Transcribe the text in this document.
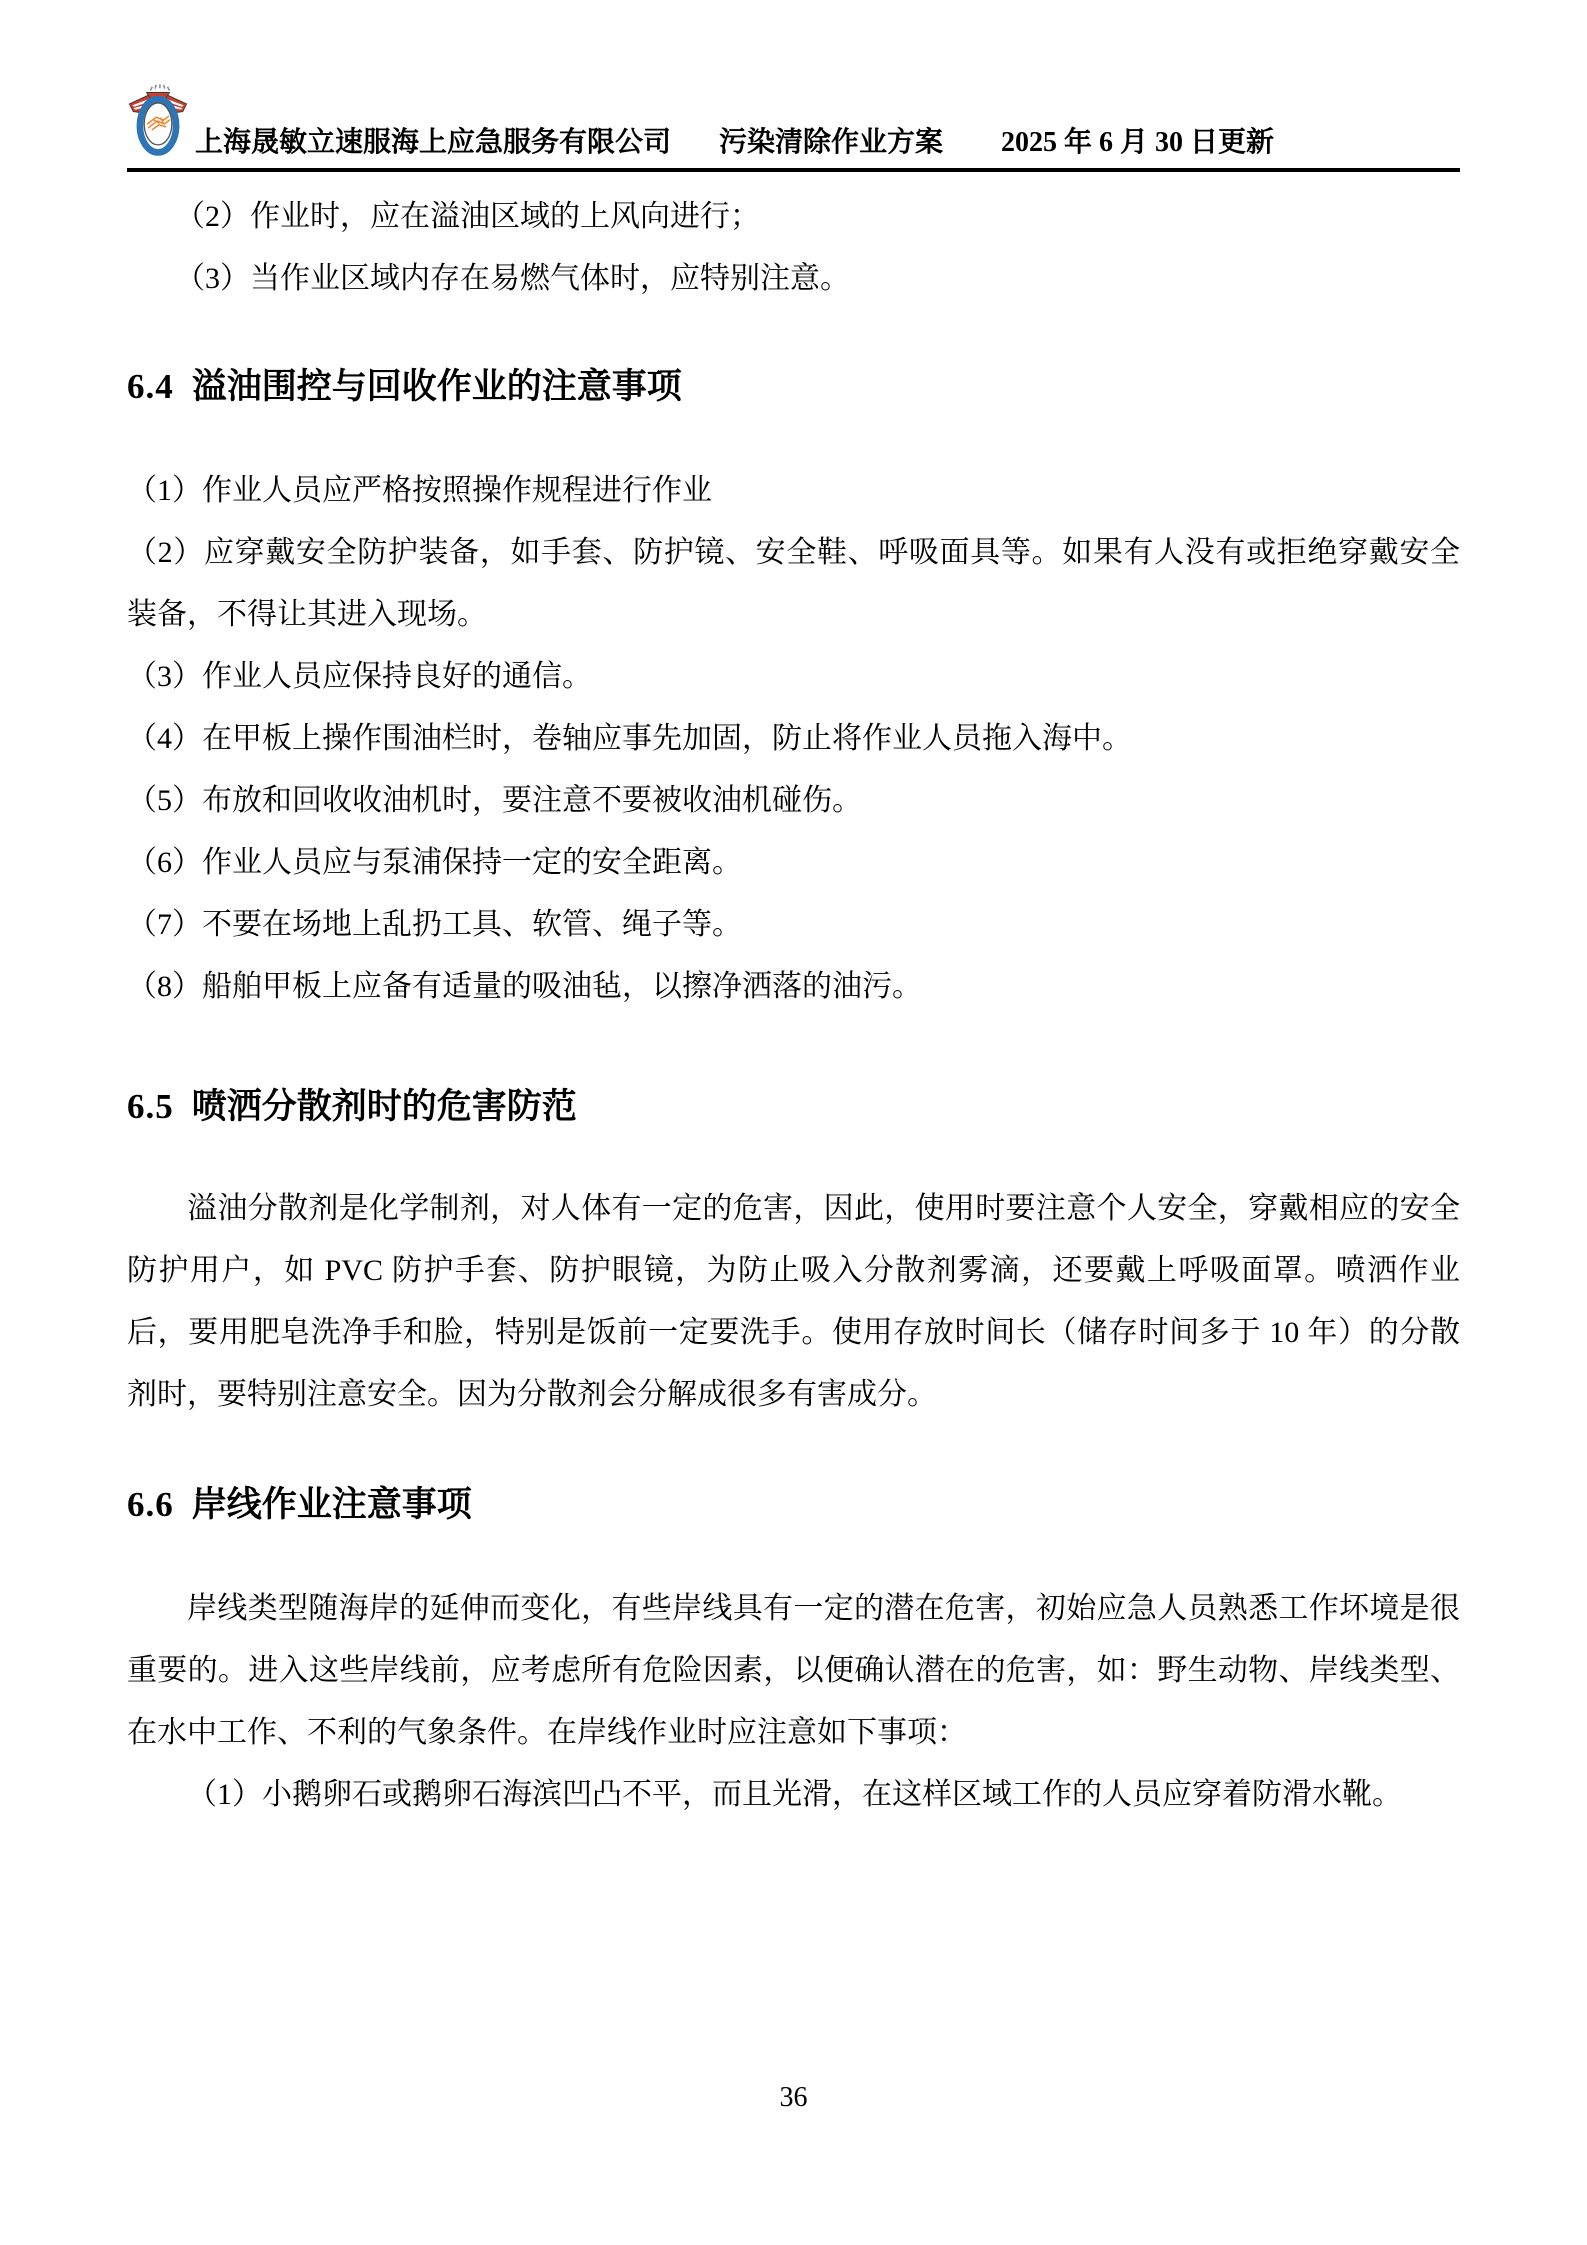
上海晟敏立速服海上应急服务有限公司 污染清除作业方案 2025 年 6 月 30 日更新
（2）作业时，应在溢油区域的上风向进行；
（3）当作业区域内存在易燃气体时，应特别注意。
6.4 溢油围控与回收作业的注意事项
（1）作业人员应严格按照操作规程进行作业
（2）应穿戴安全防护装备，如手套、防护镜、安全鞋、呼吸面具等。如果有人没有或拒绝穿戴安全装备，不得让其进入现场。
（3）作业人员应保持良好的通信。
（4）在甲板上操作围油栏时，卷轴应事先加固，防止将作业人员拖入海中。
（5）布放和回收收油机时，要注意不要被收油机碰伤。
（6）作业人员应与泵浦保持一定的安全距离。
（7）不要在场地上乱扔工具、软管、绳子等。
（8）船舶甲板上应备有适量的吸油毡，以擦净洒落的油污。
6.5 喷洒分散剂时的危害防范
溢油分散剂是化学制剂，对人体有一定的危害，因此，使用时要注意个人安全，穿戴相应的安全防护用户，如 PVC 防护手套、防护眼镜，为防止吸入分散剂雾滴，还要戴上呼吸面罩。喷洒作业后，要用肥皂洗净手和脸，特别是饭前一定要洗手。使用存放时间长（储存时间多于 10 年）的分散剂时，要特别注意安全。因为分散剂会分解成很多有害成分。
6.6 岸线作业注意事项
岸线类型随海岸的延伸而变化，有些岸线具有一定的潜在危害，初始应急人员熟悉工作坏境是很重要的。进入这些岸线前，应考虑所有危险因素，以便确认潜在的危害，如：野生动物、岸线类型、在水中工作、不利的气象条件。在岸线作业时应注意如下事项：
（1）小鹅卵石或鹅卵石海滨凹凸不平，而且光滑，在这样区域工作的人员应穿着防滑水靴。
36
